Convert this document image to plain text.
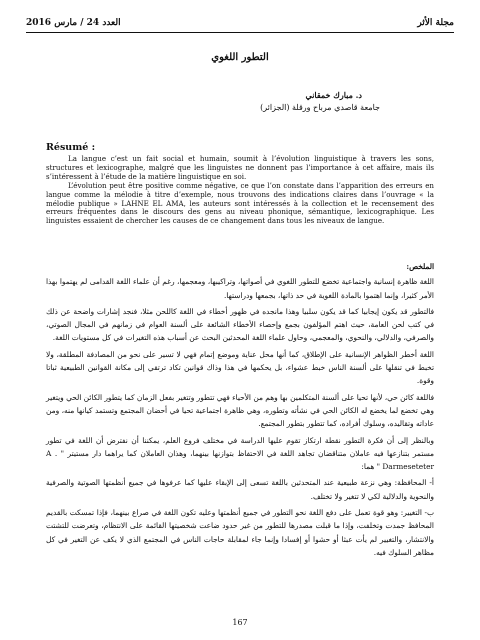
العدد 24 / مارس 2016	مجلة الأثر
التطور اللغوي
د. مبارك خمقاني
جامعة قاصدي مرباح ورقلة (الجزائر)
Résumé :

La langue c’est un fait social et humain, soumit à l’évolution linguistique à travers les sons, structures et lexicographe, malgré que les linguistes ne donnent pas l’importance à cet affaire, mais ils s’intéressent à l’étude de la matière linguistique en soi.

L’évolution peut être positive comme négative, ce que l’on constate dans l’apparition des erreurs en langue comme la mélodie à titre d’exemple, nous trouvons des indications claires dans l’ouvrage « la mélodie publique » LAHNE EL AMA, les auteurs sont intéressés à la collection et le recensement des erreurs fréquentes dans le discours des gens au niveau phonique, sémantique, lexicographique. Les linguistes essaient de chercher les causes de ce changement dans tous les niveaux de langue.

الملخص:

اللغة ظاهرة إنسانية واجتماعية تخضع للتطور اللغوي في أصواتها، وتراكيبها، ومعجمها، رغم أن علماء اللغة القدامى لم يهتموا بهذا الأمر كثيرا، وإنما اهتموا بالمادة اللغوية في حد ذاتها، بجمعها ودراستها.

فالتطور قد يكون إيجابيا كما قد يكون سلبيا وهذا مانجده في ظهور أخطاء في اللغة كاللحن مثلا، فنجد إشارات واضحة عن ذلك في كتب لحن العامة، حيث اهتم المؤلفون بجمع وإحصاء الأخطاء الشائعة على ألسنة العوام في زمانهم في المجال الصوتي، والصرفي، والدلالي، والنحوي، والمعجمي، وحاول علماء اللغة المحدثين البحث عن أسباب هذه التغيرات في كل مستويات اللغة.

اللغة أخطر الظواهر الإنسانية على الإطلاق، كما أنها محل عناية وموضع إتمام فهي لا تسير على نحو من المصادفة المطلقة، ولا تخبط في تنقلها على ألسنة الناس خبط عشواء، بل يحكمها في هذا وذاك قوانين تكاد ترتقي إلى مكانة القوانين الطبيعية ثباتا وقوة.

فاللغة كائن حي، لأنها تحيا على ألسنة المتكلمين بها وهم من الأحياء فهي تتطور وتتغير بفعل الزمان كما يتطور الكائن الحي ويتغير وهي تخضع لما يخضع له الكائن الحي في نشأته وتطوره، وهي ظاهرة اجتماعية تحيا في أحضان المجتمع وتستمد كيانها منه، ومن عاداته وتقاليده، وسلوك أفراده، كما تتطور بتطور المجتمع.

وبالنظر إلى أن فكرة التطور نقطة ارتكاز تقوم عليها الدراسة في مختلف فروع العلم، يمكننا أن نفترض أن اللغة في تطور مستمر بتنازعها فيه عاملان متناقضان تجاهد اللغة في الاحتفاظ بتوازنها بينهما، وهذان العاملان كما يراهما دار مستيتر " A . Darmeseteter " هما:

أ- المحافظة: وهي نزعة طبيعية عند المتحدثين باللغة تسعى إلى الإبقاء عليها كما عرفوها في جميع أنظمتها الصوتية والصرفية والنحوية والدلالية لكي لا تتغير ولا تختلف.

ب- التغيير: وهو قوة تعمل على دفع اللغة نحو التطور في جميع أنظمتها وعليه تكون اللغة في صراع بينهما، فإذا تمسكت بالقديم المحافظ جمدت وتخلفت، وإذا ما قبلت مصدرها للتطور من غير حدود ضاعت شخصيتها القائمة على الانتظام، وتعرضت للتشتت والانتشار، والتغيير لم يأت عبثا أو حشوا أو إفسادا وإنما جاء لمقابلة حاجات الناس في المجتمع الذي لا يكف عن التغير في كل مظاهر السلوك فيه.

167
